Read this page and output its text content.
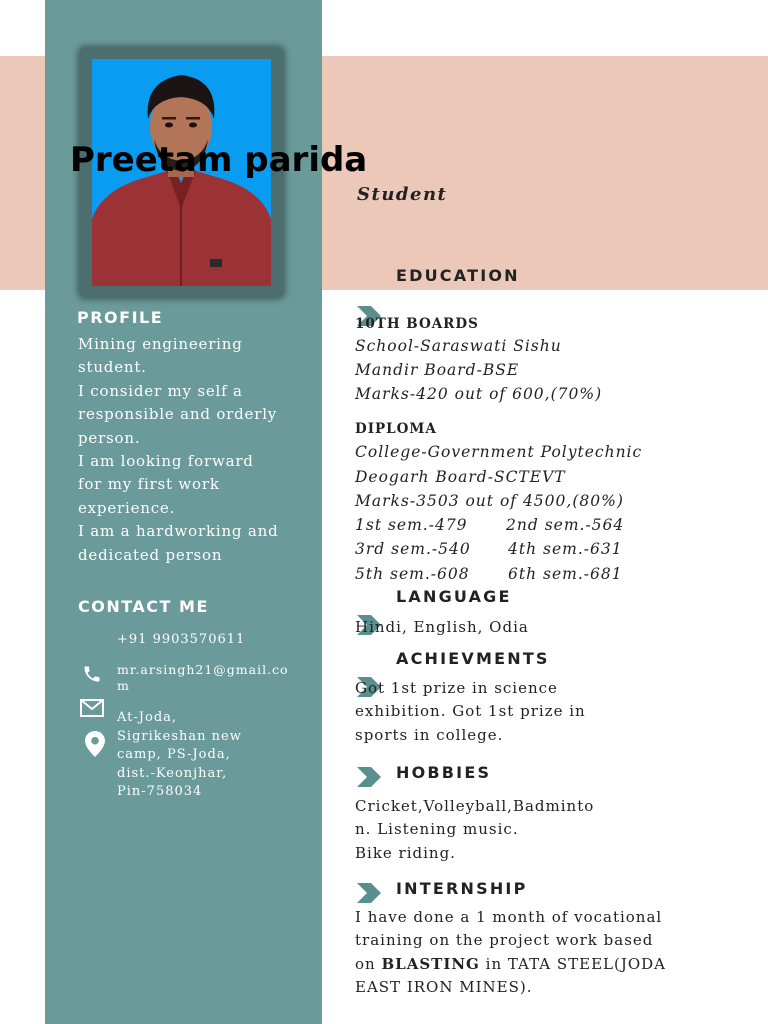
Preetam parida
Student
PROFILE
Mining engineering
student.
I consider my self a
responsible and orderly
person.
I am looking forward
for my first work
experience.
I am a hardworking and
dedicated person
CONTACT ME
+91 9903570611
mr.arsingh21@gmail.co
m
At-Joda,
Sigrikeshan new
camp, PS-Joda,
dist.-Keonjhar,
Pin-758034
EDUCATION
10TH BOARDS
School-Saraswati Sishu
Mandir Board-BSE
Marks-420 out of 600,(70%)
DIPLOMA
College-Government Polytechnic
Deogarh Board-SCTEVT
Marks-3503 out of 4500,(80%)
1st sem.-479 2nd sem.-564
3rd sem.-540 4th sem.-631
5th sem.-608 6th sem.-681
LANGUAGE
Hindi, English, Odia
ACHIEVMENTS
Got 1st prize in science
exhibition. Got 1st prize in
sports in college.
HOBBIES
Cricket,Volleyball,Badminto
n. Listening music.
Bike riding.
INTERNSHIP
I have done a 1 month of vocational
training on the project work based
on BLASTING in TATA STEEL(JODA
EAST IRON MINES).
